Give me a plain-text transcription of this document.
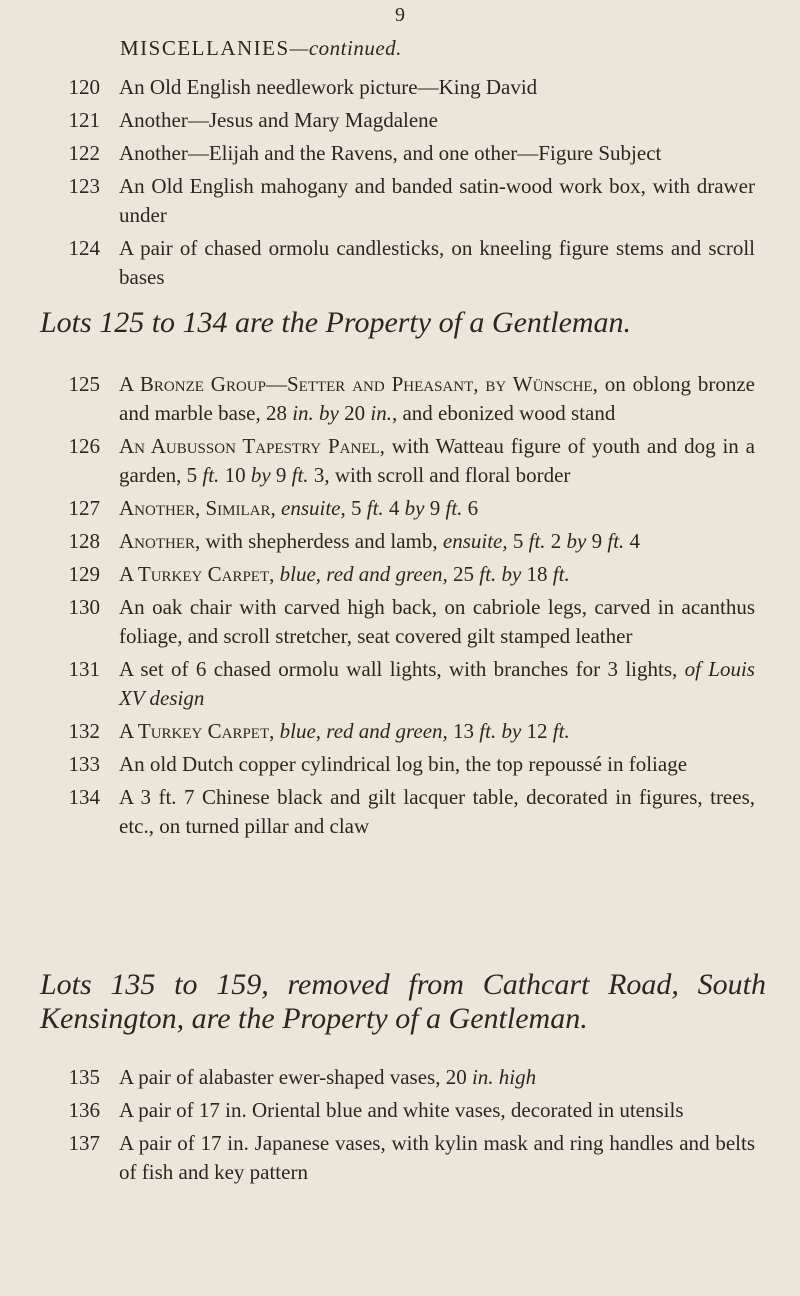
9
MISCELLANIES—continued.
120 An Old English needlework picture—King David
121 Another—Jesus and Mary Magdalene
122 Another—Elijah and the Ravens, and one other—Figure Subject
123 An Old English mahogany and banded satin-wood work box, with drawer under
124 A pair of chased ormolu candlesticks, on kneeling figure stems and scroll bases
Lots 125 to 134 are the Property of a Gentleman.
125 A Bronze Group—Setter and Pheasant, by Wünsche, on oblong bronze and marble base, 28 in. by 20 in., and ebonized wood stand
126 An Aubusson Tapestry Panel, with Watteau figure of youth and dog in a garden, 5 ft. 10 by 9 ft. 3, with scroll and floral border
127 Another, Similar, ensuite, 5 ft. 4 by 9 ft. 6
128 Another, with shepherdess and lamb, ensuite, 5 ft. 2 by 9 ft. 4
129 A Turkey Carpet, blue, red and green, 25 ft. by 18 ft.
130 An oak chair with carved high back, on cabriole legs, carved in acanthus foliage, and scroll stretcher, seat covered gilt stamped leather
131 A set of 6 chased ormolu wall lights, with branches for 3 lights, of Louis XV design
132 A Turkey Carpet, blue, red and green, 13 ft. by 12 ft.
133 An old Dutch copper cylindrical log bin, the top repoussé in foliage
134 A 3 ft. 7 Chinese black and gilt lacquer table, decorated in figures, trees, etc., on turned pillar and claw
Lots 135 to 159, removed from Cathcart Road, South Kensington, are the Property of a Gentleman.
135 A pair of alabaster ewer-shaped vases, 20 in. high
136 A pair of 17 in. Oriental blue and white vases, decorated in utensils
137 A pair of 17 in. Japanese vases, with kylin mask and ring handles and belts of fish and key pattern
